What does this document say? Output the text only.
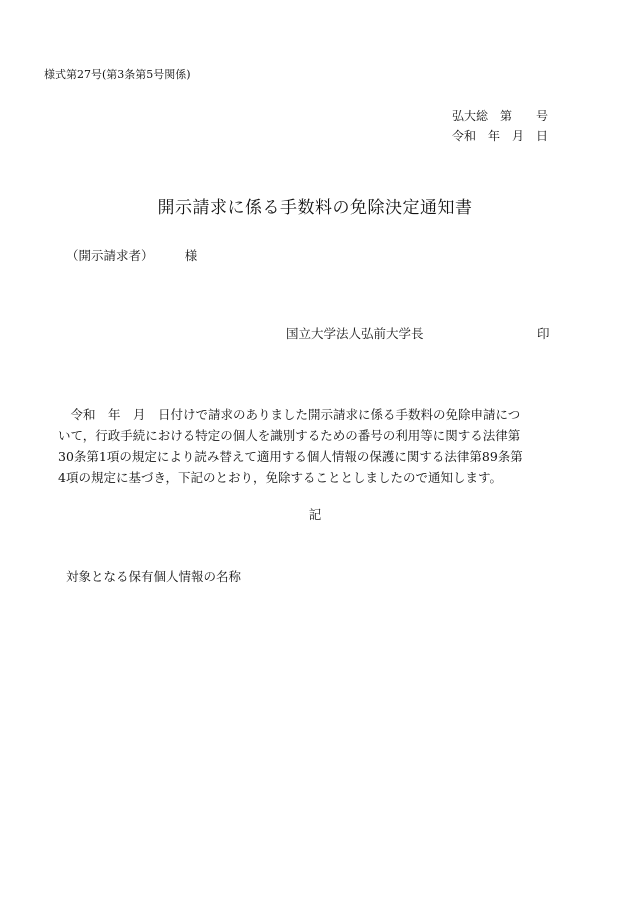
様式第27号(第3条第5号関係)
弘大総　第　　号
令和　年　月　日
開示請求に係る手数料の免除決定通知書
（開示請求者）　　　様
国立大学法人弘前大学長	印
　令和　年　月　日付けで請求のありました開示請求に係る手数料の免除申請につ
いて，行政手続における特定の個人を識別するための番号の利用等に関する法律第
30条第1項の規定により読み替えて適用する個人情報の保護に関する法律第89条第
4項の規定に基づき，下記のとおり，免除することとしましたので通知します。
記
対象となる保有個人情報の名称
